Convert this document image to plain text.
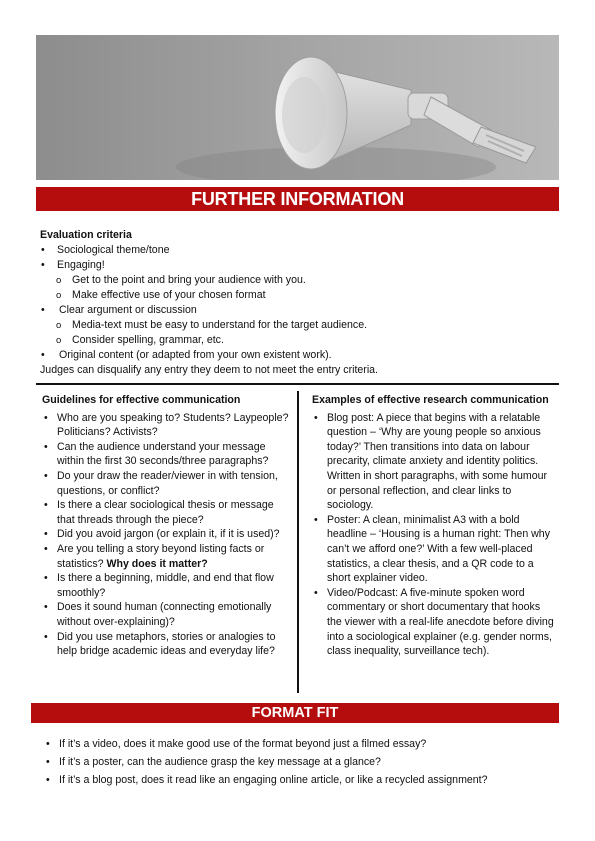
FURTHER INFORMATION
Evaluation criteria
• Sociological theme/tone
• Engaging!
o Get to the point and bring your audience with you.
o Make effective use of your chosen format
• Clear argument or discussion
o Media-text must be easy to understand for the target audience.
o Consider spelling, grammar, etc.
• Original content (or adapted from your own existent work).
Judges can disqualify any entry they deem to not meet the entry criteria.
Guidelines for effective communication
• Who are you speaking to? Students? Laypeople? Politicians? Activists?
• Can the audience understand your message within the first 30 seconds/three paragraphs?
• Do your draw the reader/viewer in with tension, questions, or conflict?
• Is there a clear sociological thesis or message that threads through the piece?
• Did you avoid jargon (or explain it, if it is used)?
• Are you telling a story beyond listing facts or statistics? Why does it matter?
• Is there a beginning, middle, and end that flow smoothly?
• Does it sound human (connecting emotionally without over-explaining)?
• Did you use metaphors, stories or analogies to help bridge academic ideas and everyday life?
Examples of effective research communication
• Blog post: A piece that begins with a relatable question – ‘Why are young people so anxious today?’ Then transitions into data on labour precarity, climate anxiety and identity politics. Written in short paragraphs, with some humour or personal reflection, and clear links to sociology.
• Poster: A clean, minimalist A3 with a bold headline – ‘Housing is a human right: Then why can’t we afford one?’ With a few well-placed statistics, a clear thesis, and a QR code to a short explainer video.
• Video/Podcast: A five-minute spoken word commentary or short documentary that hooks the viewer with a real-life anecdote before diving into a sociological explainer (e.g. gender norms, class inequality, surveillance tech).
FORMAT FIT
• If it’s a video, does it make good use of the format beyond just a filmed essay?
• If it’s a poster, can the audience grasp the key message at a glance?
• If it’s a blog post, does it read like an engaging online article, or like a recycled assignment?
